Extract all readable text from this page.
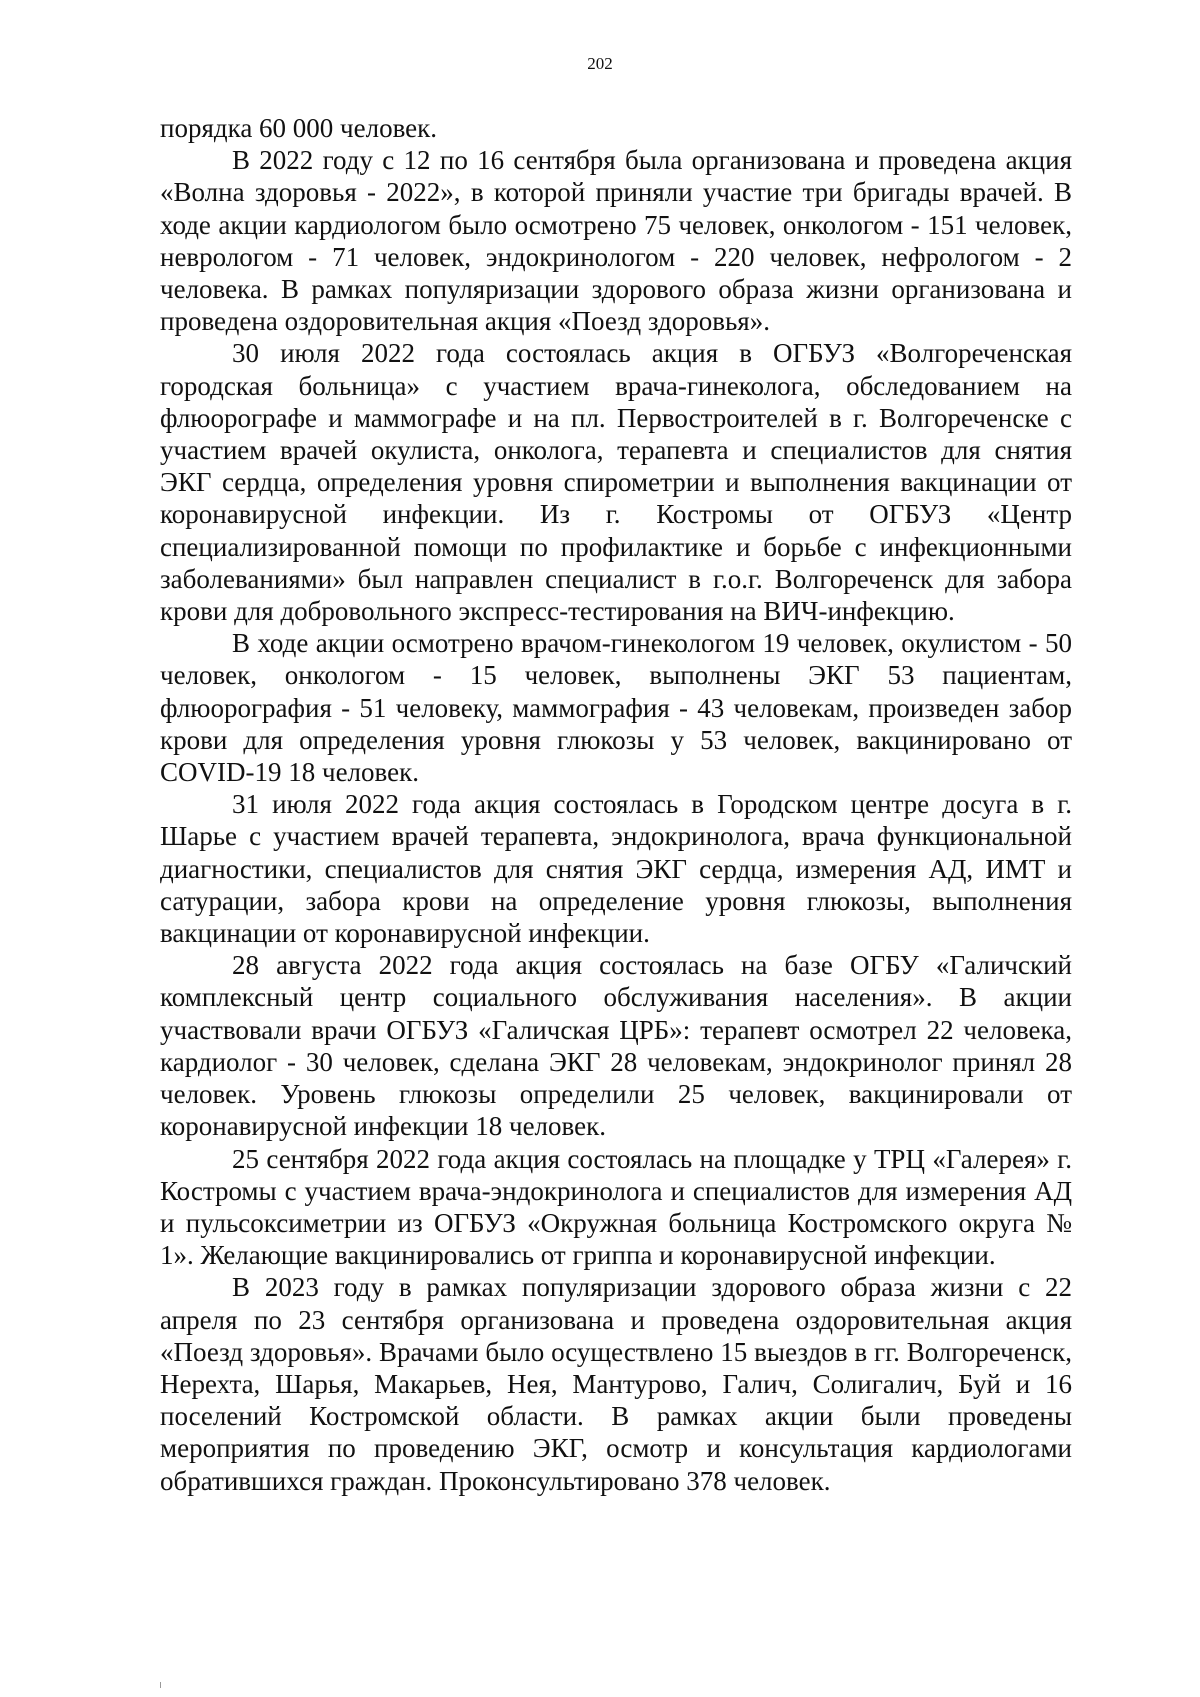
202

порядка 60 000 человек.

В 2022 году с 12 по 16 сентября была организована и проведена акция «Волна здоровья - 2022», в которой приняли участие три бригады врачей. В ходе акции кардиологом было осмотрено 75 человек, онкологом - 151 человек, неврологом - 71 человек, эндокринологом - 220 человек, нефрологом - 2 человека. В рамках популяризации здорового образа жизни организована и проведена оздоровительная акция «Поезд здоровья».

30 июля 2022 года состоялась акция в ОГБУЗ «Волгореченская городская больница» с участием врача-гинеколога, обследованием на флюорографе и маммографе и на пл. Первостроителей в г. Волгореченске с участием врачей окулиста, онколога, терапевта и специалистов для снятия ЭКГ сердца, определения уровня спирометрии и выполнения вакцинации от коронавирусной инфекции. Из г. Костромы от ОГБУЗ «Центр специализированной помощи по профилактике и борьбе с инфекционными заболеваниями» был направлен специалист в г.о.г. Волгореченск для забора крови для добровольного экспресс-тестирования на ВИЧ-инфекцию.

В ходе акции осмотрено врачом-гинекологом 19 человек, окулистом - 50 человек, онкологом - 15 человек, выполнены ЭКГ 53 пациентам, флюорография - 51 человеку, маммография - 43 человекам, произведен забор крови для определения уровня глюкозы у 53 человек, вакцинировано от COVID-19 18 человек.

31 июля 2022 года акция состоялась в Городском центре досуга в г. Шарье с участием врачей терапевта, эндокринолога, врача функциональной диагностики, специалистов для снятия ЭКГ сердца, измерения АД, ИМТ и сатурации, забора крови на определение уровня глюкозы, выполнения вакцинации от коронавирусной инфекции.

28 августа 2022 года акция состоялась на базе ОГБУ «Галичский комплексный центр социального обслуживания населения». В акции участвовали врачи ОГБУЗ «Галичская ЦРБ»: терапевт осмотрел 22 человека, кардиолог - 30 человек, сделана ЭКГ 28 человекам, эндокринолог принял 28 человек. Уровень глюкозы определили 25 человек, вакцинировали от коронавирусной инфекции 18 человек.

25 сентября 2022 года акция состоялась на площадке у ТРЦ «Галерея» г. Костромы с участием врача-эндокринолога и специалистов для измерения АД и пульсоксиметрии из ОГБУЗ «Окружная больница Костромского округа № 1». Желающие вакцинировались от гриппа и коронавирусной инфекции.

В 2023 году в рамках популяризации здорового образа жизни с 22 апреля по 23 сентября организована и проведена оздоровительная акция «Поезд здоровья». Врачами было осуществлено 15 выездов в гг. Волгореченск, Нерехта, Шарья, Макарьев, Нея, Мантурово, Галич, Солигалич, Буй и 16 поселений Костромской области. В рамках акции были проведены мероприятия по проведению ЭКГ, осмотр и консультация кардиологами обратившихся граждан. Проконсультировано 378 человек.
